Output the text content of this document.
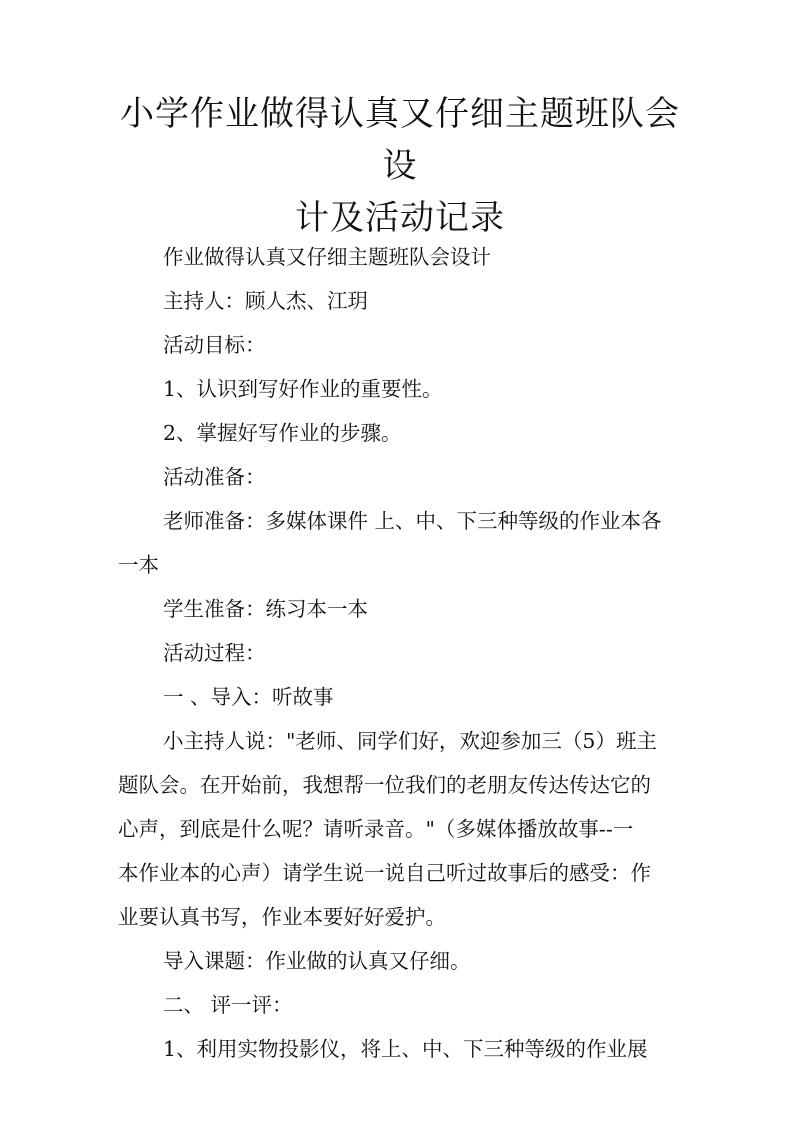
小学作业做得认真又仔细主题班队会设
计及活动记录
作业做得认真又仔细主题班队会设计
主持人：顾人杰、江玥
活动目标：
1、认识到写好作业的重要性。
2、掌握好写作业的步骤。
活动准备：
老师准备：多媒体课件 上、中、下三种等级的作业本各
一本
学生准备：练习本一本
活动过程：
一 、导入：听故事
小主持人说："老师、同学们好，欢迎参加三（5）班主
题队会。在开始前，我想帮一位我们的老朋友传达传达它的
心声，到底是什么呢？请听录音。"（多媒体播放故事--一
本作业本的心声）请学生说一说自己听过故事后的感受：作
业要认真书写，作业本要好好爱护。
导入课题：作业做的认真又仔细。
二、 评一评：
1、利用实物投影仪，将上、中、下三种等级的作业展
